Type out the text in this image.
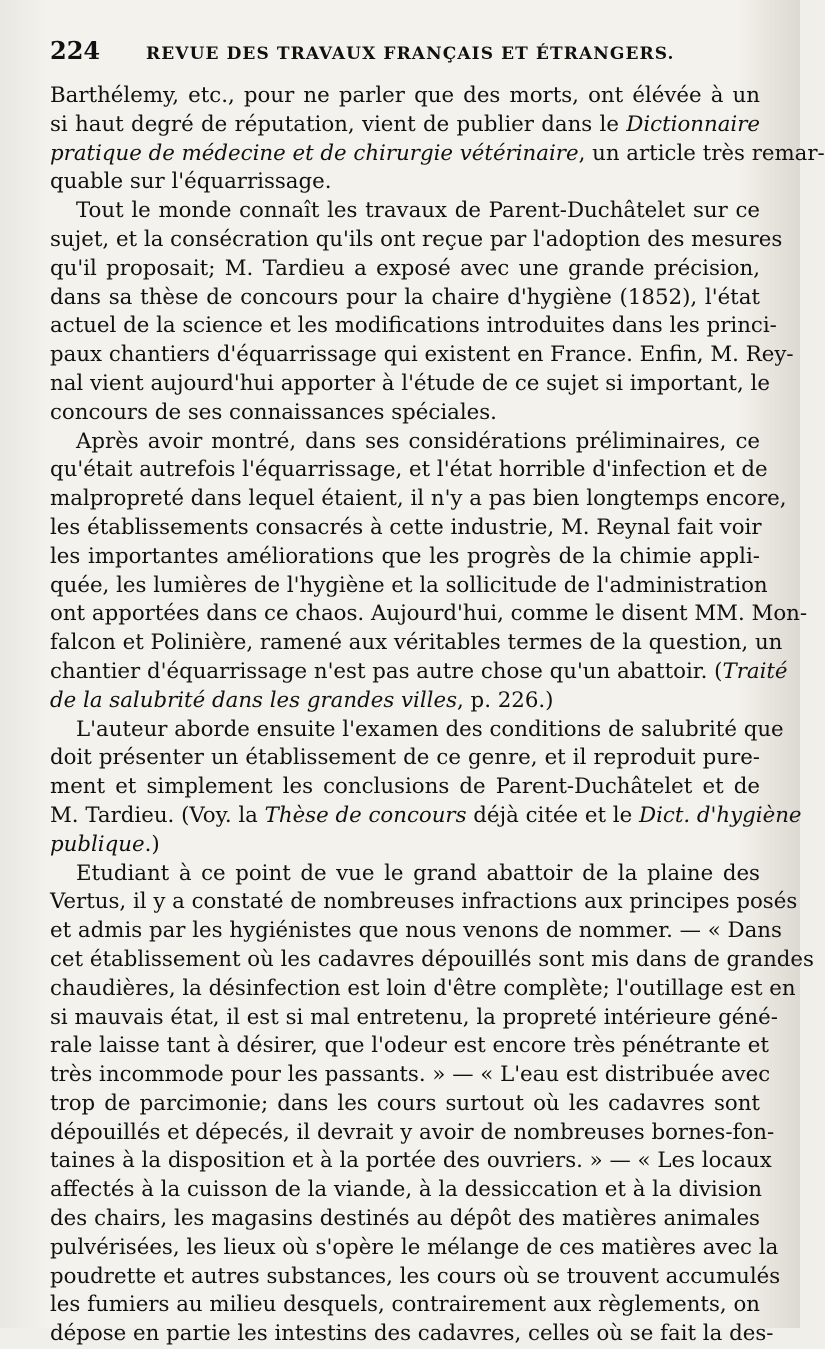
224	REVUE DES TRAVAUX FRANÇAIS ET ÉTRANGERS.
Barthélemy, etc., pour ne parler que des morts, ont élévée à un
si haut degré de réputation, vient de publier dans le Dictionnaire
pratique de médecine et de chirurgie vétérinaire, un article très remar-
quable sur l'équarrissage.
Tout le monde connaît les travaux de Parent-Duchâtelet sur ce
sujet, et la consécration qu'ils ont reçue par l'adoption des mesures
qu'il proposait; M. Tardieu a exposé avec une grande précision,
dans sa thèse de concours pour la chaire d'hygiène (1852), l'état
actuel de la science et les modifications introduites dans les princi-
paux chantiers d'équarrissage qui existent en France. Enfin, M. Rey-
nal vient aujourd'hui apporter à l'étude de ce sujet si important, le
concours de ses connaissances spéciales.
Après avoir montré, dans ses considérations préliminaires, ce
qu'était autrefois l'équarrissage, et l'état horrible d'infection et de
malpropreté dans lequel étaient, il n'y a pas bien longtemps encore,
les établissements consacrés à cette industrie, M. Reynal fait voir
les importantes améliorations que les progrès de la chimie appli-
quée, les lumières de l'hygiène et la sollicitude de l'administration
ont apportées dans ce chaos. Aujourd'hui, comme le disent MM. Mon-
falcon et Polinière, ramené aux véritables termes de la question, un
chantier d'équarrissage n'est pas autre chose qu'un abattoir. (Traité
de la salubrité dans les grandes villes, p. 226.)
L'auteur aborde ensuite l'examen des conditions de salubrité que
doit présenter un établissement de ce genre, et il reproduit pure-
ment et simplement les conclusions de Parent-Duchâtelet et de
M. Tardieu. (Voy. la Thèse de concours déjà citée et le Dict. d'hygiène
publique.)
Etudiant à ce point de vue le grand abattoir de la plaine des
Vertus, il y a constaté de nombreuses infractions aux principes posés
et admis par les hygiénistes que nous venons de nommer. — « Dans
cet établissement où les cadavres dépouillés sont mis dans de grandes
chaudières, la désinfection est loin d'être complète; l'outillage est en
si mauvais état, il est si mal entretenu, la propreté intérieure géné-
rale laisse tant à désirer, que l'odeur est encore très pénétrante et
très incommode pour les passants. » — « L'eau est distribuée avec
trop de parcimonie; dans les cours surtout où les cadavres sont
dépouillés et dépecés, il devrait y avoir de nombreuses bornes-fon-
taines à la disposition et à la portée des ouvriers. » — « Les locaux
affectés à la cuisson de la viande, à la dessiccation et à la division
des chairs, les magasins destinés au dépôt des matières animales
pulvérisées, les lieux où s'opère le mélange de ces matières avec la
poudrette et autres substances, les cours où se trouvent accumulés
les fumiers au milieu desquels, contrairement aux règlements, on
dépose en partie les intestins des cadavres, celles où se fait la des-
